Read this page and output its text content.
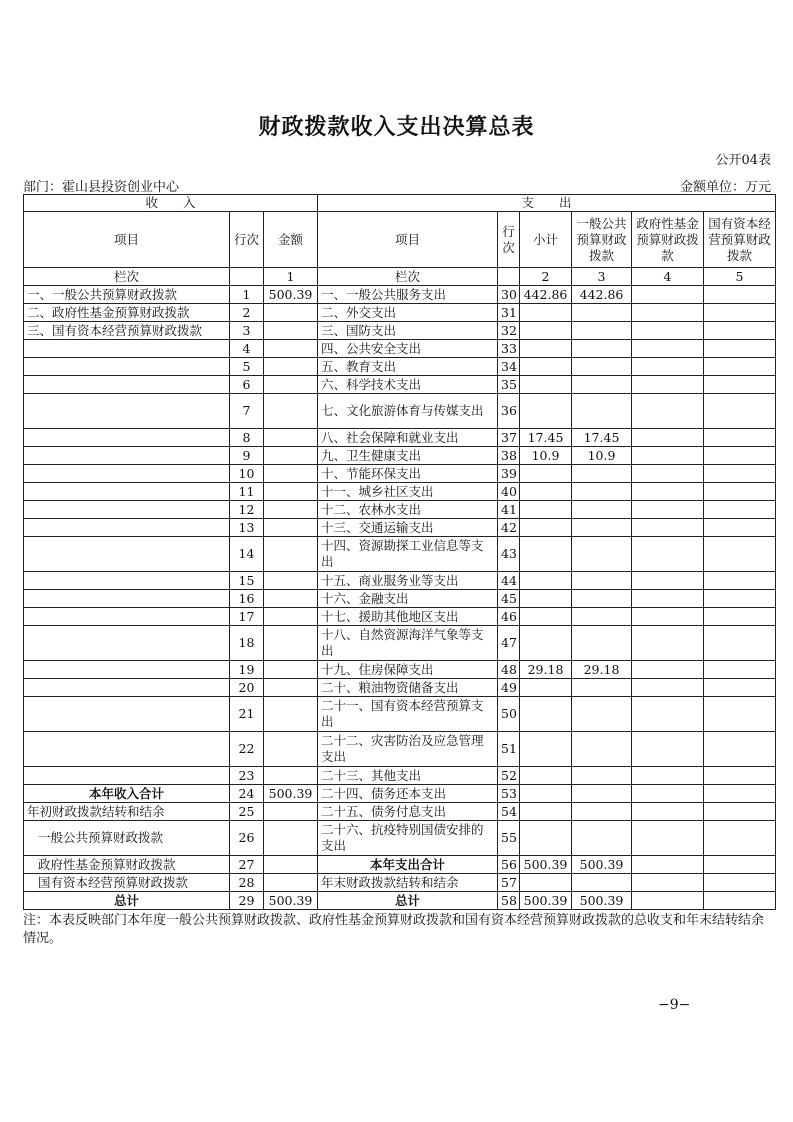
财政拨款收入支出决算总表
公开04表
部门：霍山县投资创业中心	金额单位：万元
收　　入			支　　出					
项目	行次	金额	项目	行次	小计	一般公共预算财政拨款	政府性基金预算财政拨款	国有资本经营预算财政拨款
栏次		1	栏次		2	3	4	5
一、一般公共预算财政拨款	1	500.39	一、一般公共服务支出	30	442.86	442.86		
二、政府性基金预算财政拨款	2		二、外交支出	31				
三、国有资本经营预算财政拨款	3		三、国防支出	32				
	4		四、公共安全支出	33				
	5		五、教育支出	34				
	6		六、科学技术支出	35				
	7		七、文化旅游体育与传媒支出	36				
	8		八、社会保障和就业支出	37	17.45	17.45		
	9		九、卫生健康支出	38	10.9	10.9		
	10		十、节能环保支出	39				
	11		十一、城乡社区支出	40				
	12		十二、农林水支出	41				
	13		十三、交通运输支出	42				
	14		十四、资源勘探工业信息等支出	43				
	15		十五、商业服务业等支出	44				
	16		十六、金融支出	45				
	17		十七、援助其他地区支出	46				
	18		十八、自然资源海洋气象等支出	47				
	19		十九、住房保障支出	48	29.18	29.18		
	20		二十、粮油物资储备支出	49				
	21		二十一、国有资本经营预算支出	50				
	22		二十二、灾害防治及应急管理支出	51				
	23		二十三、其他支出	52				
本年收入合计	24	500.39	二十四、债务还本支出	53				
年初财政拨款结转和结余	25		二十五、债务付息支出	54				
一般公共预算财政拨款	26		二十六、抗疫特别国债安排的支出	55				
政府性基金预算财政拨款	27		本年支出合计	56	500.39	500.39		
国有资本经营预算财政拨款	28		年末财政拨款结转和结余	57				
总计	29	500.39	总计	58	500.39	500.39		
注：本表反映部门本年度一般公共预算财政拨款、政府性基金预算财政拨款和国有资本经营预算财政拨款的总收支和年末结转结余情况。
−9−
